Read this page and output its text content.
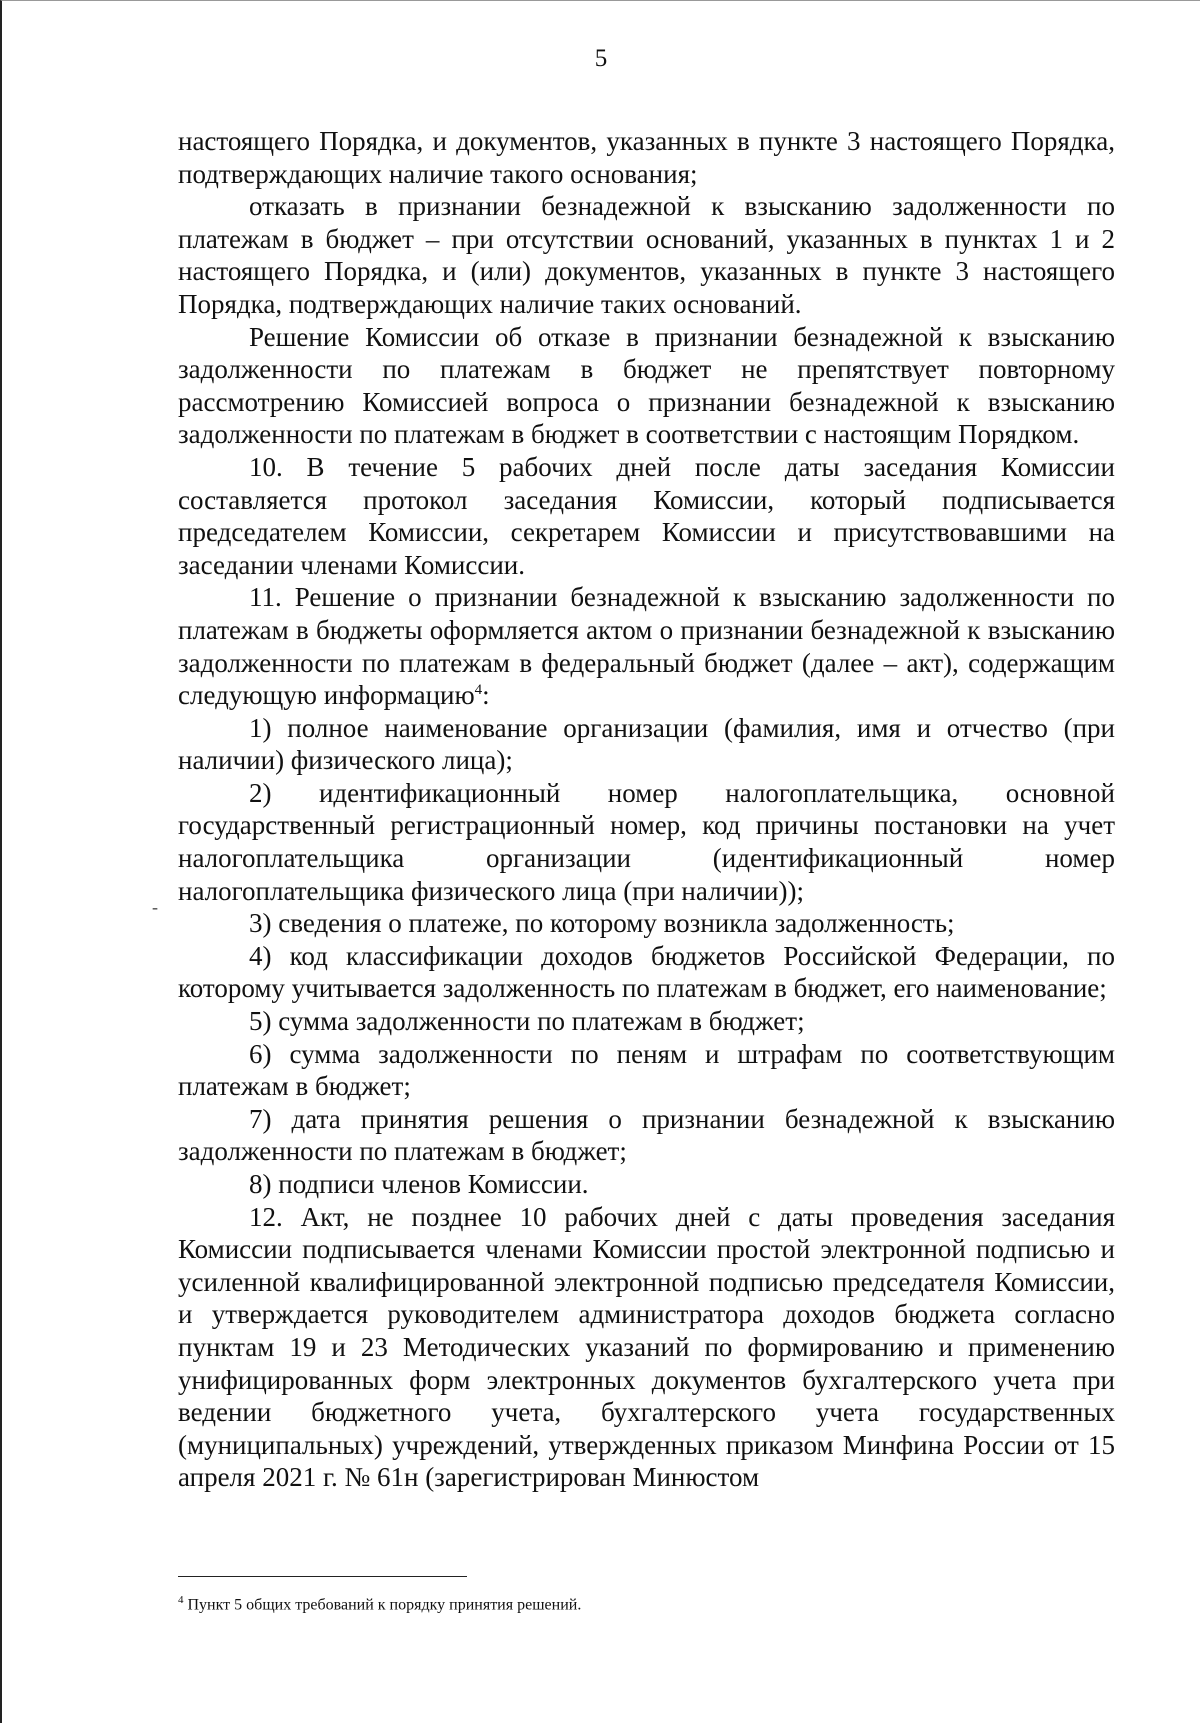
5

настоящего Порядка, и документов, указанных в пункте 3 настоящего Порядка, подтверждающих наличие такого основания;

отказать в признании безнадежной к взысканию задолженности по платежам в бюджет – при отсутствии оснований, указанных в пунктах 1 и 2 настоящего Порядка, и (или) документов, указанных в пункте 3 настоящего Порядка, подтверждающих наличие таких оснований.

Решение Комиссии об отказе в признании безнадежной к взысканию задолженности по платежам в бюджет не препятствует повторному рассмотрению Комиссией вопроса о признании безнадежной к взысканию задолженности по платежам в бюджет в соответствии с настоящим Порядком.

10. В течение 5 рабочих дней после даты заседания Комиссии составляется протокол заседания Комиссии, который подписывается председателем Комиссии, секретарем Комиссии и присутствовавшими на заседании членами Комиссии.

11. Решение о признании безнадежной к взысканию задолженности по платежам в бюджеты оформляется актом о признании безнадежной к взысканию задолженности по платежам в федеральный бюджет (далее – акт), содержащим следующую информацию$^4$:

1) полное наименование организации (фамилия, имя и отчество (при наличии) физического лица);

2) идентификационный номер налогоплательщика, основной государственный регистрационный номер, код причины постановки на учет налогоплательщика организации (идентификационный номер налогоплательщика физического лица (при наличии));

3) сведения о платеже, по которому возникла задолженность;

4) код классификации доходов бюджетов Российской Федерации, по которому учитывается задолженность по платежам в бюджет, его наименование;

5) сумма задолженности по платежам в бюджет;

6) сумма задолженности по пеням и штрафам по соответствующим платежам в бюджет;

7) дата принятия решения о признании безнадежной к взысканию задолженности по платежам в бюджет;

8) подписи членов Комиссии.

12. Акт, не позднее 10 рабочих дней с даты проведения заседания Комиссии подписывается членами Комиссии простой электронной подписью и усиленной квалифицированной электронной подписью председателя Комиссии, и утверждается руководителем администратора доходов бюджета согласно пунктам 19 и 23 Методических указаний по формированию и применению унифицированных форм электронных документов бухгалтерского учета при ведении бюджетного учета, бухгалтерского учета государственных (муниципальных) учреждений, утвержденных приказом Минфина России от 15 апреля 2021 г. № 61н (зарегистрирован Минюстом

-
$^4$ Пункт 5 общих требований к порядку принятия решений.
